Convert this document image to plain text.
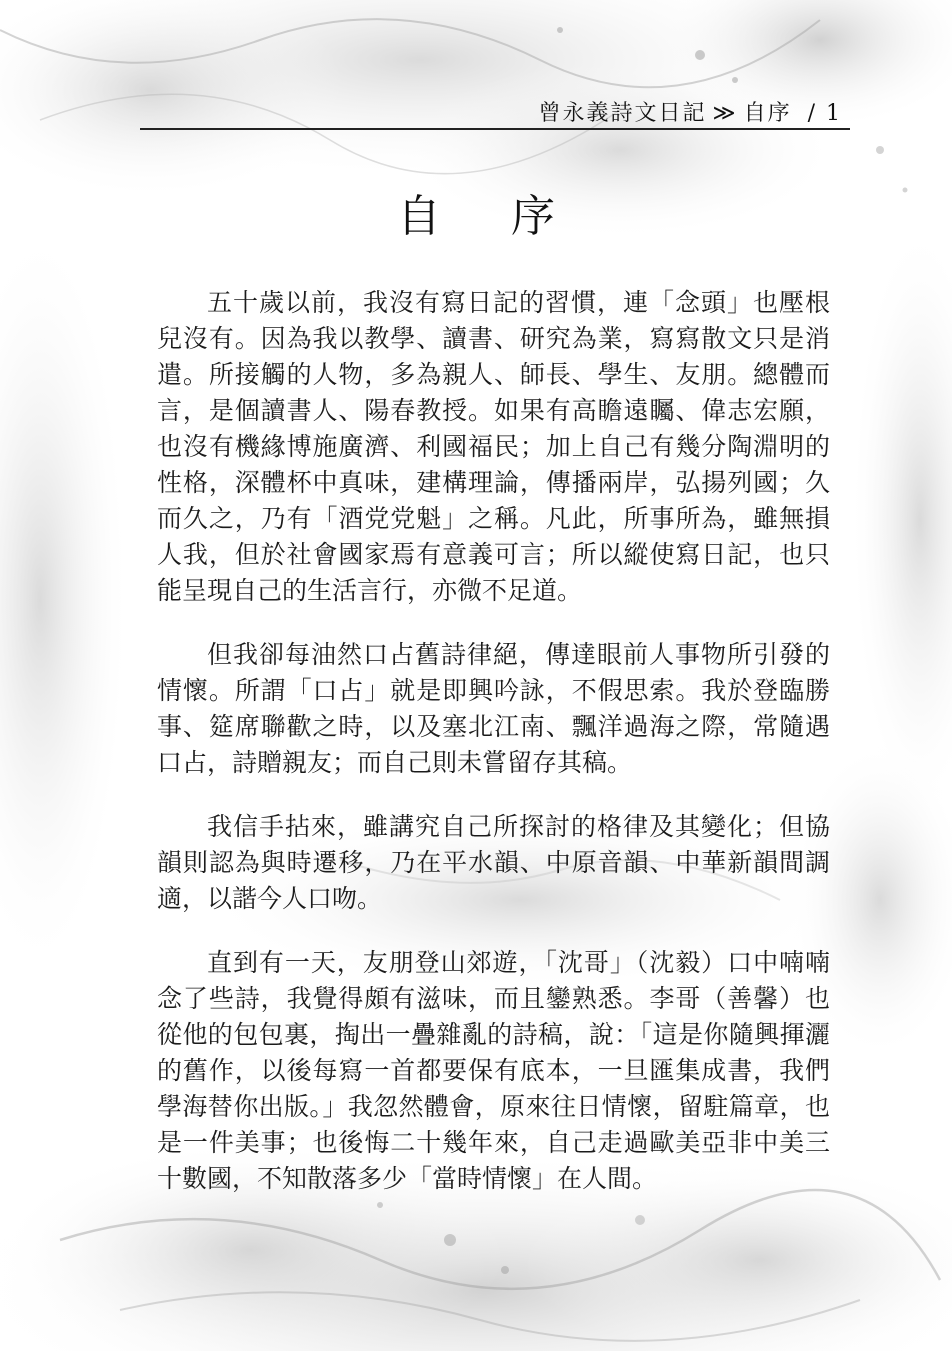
曾永義詩文日記 ≫ 自序 / 1
自 序

五十歲以前，我沒有寫日記的習慣，連「念頭」也壓根兒沒有。因為我以教學、讀書、研究為業，寫寫散文只是消遣。所接觸的人物，多為親人、師長、學生、友朋。總體而言，是個讀書人、陽春教授。如果有高瞻遠矚、偉志宏願，也沒有機緣博施廣濟、利國福民；加上自己有幾分陶淵明的性格，深體杯中真味，建構理論，傳播兩岸，弘揚列國；久而久之，乃有「酒党党魁」之稱。凡此，所事所為，雖無損人我，但於社會國家焉有意義可言；所以縱使寫日記，也只能呈現自己的生活言行，亦微不足道。

但我卻每油然口占舊詩律絕，傳達眼前人事物所引發的情懷。所謂「口占」就是即興吟詠，不假思索。我於登臨勝事、筵席聯歡之時，以及塞北江南、飄洋過海之際，常隨遇口占，詩贈親友；而自己則未嘗留存其稿。

我信手拈來，雖講究自己所探討的格律及其變化；但協韻則認為與時遷移，乃在平水韻、中原音韻、中華新韻間調適，以諧今人口吻。

直到有一天，友朋登山郊遊，「沈哥」（沈毅）口中喃喃念了些詩，我覺得頗有滋味，而且鑾熟悉。李哥（善馨）也從他的包包裏，掏出一疊雜亂的詩稿，說：「這是你隨興揮灑的舊作，以後每寫一首都要保有底本，一旦匯集成書，我們學海替你出版。」我忽然體會，原來往日情懷，留駐篇章，也是一件美事；也後悔二十幾年來，自己走過歐美亞非中美三十數國，不知散落多少「當時情懷」在人間。
